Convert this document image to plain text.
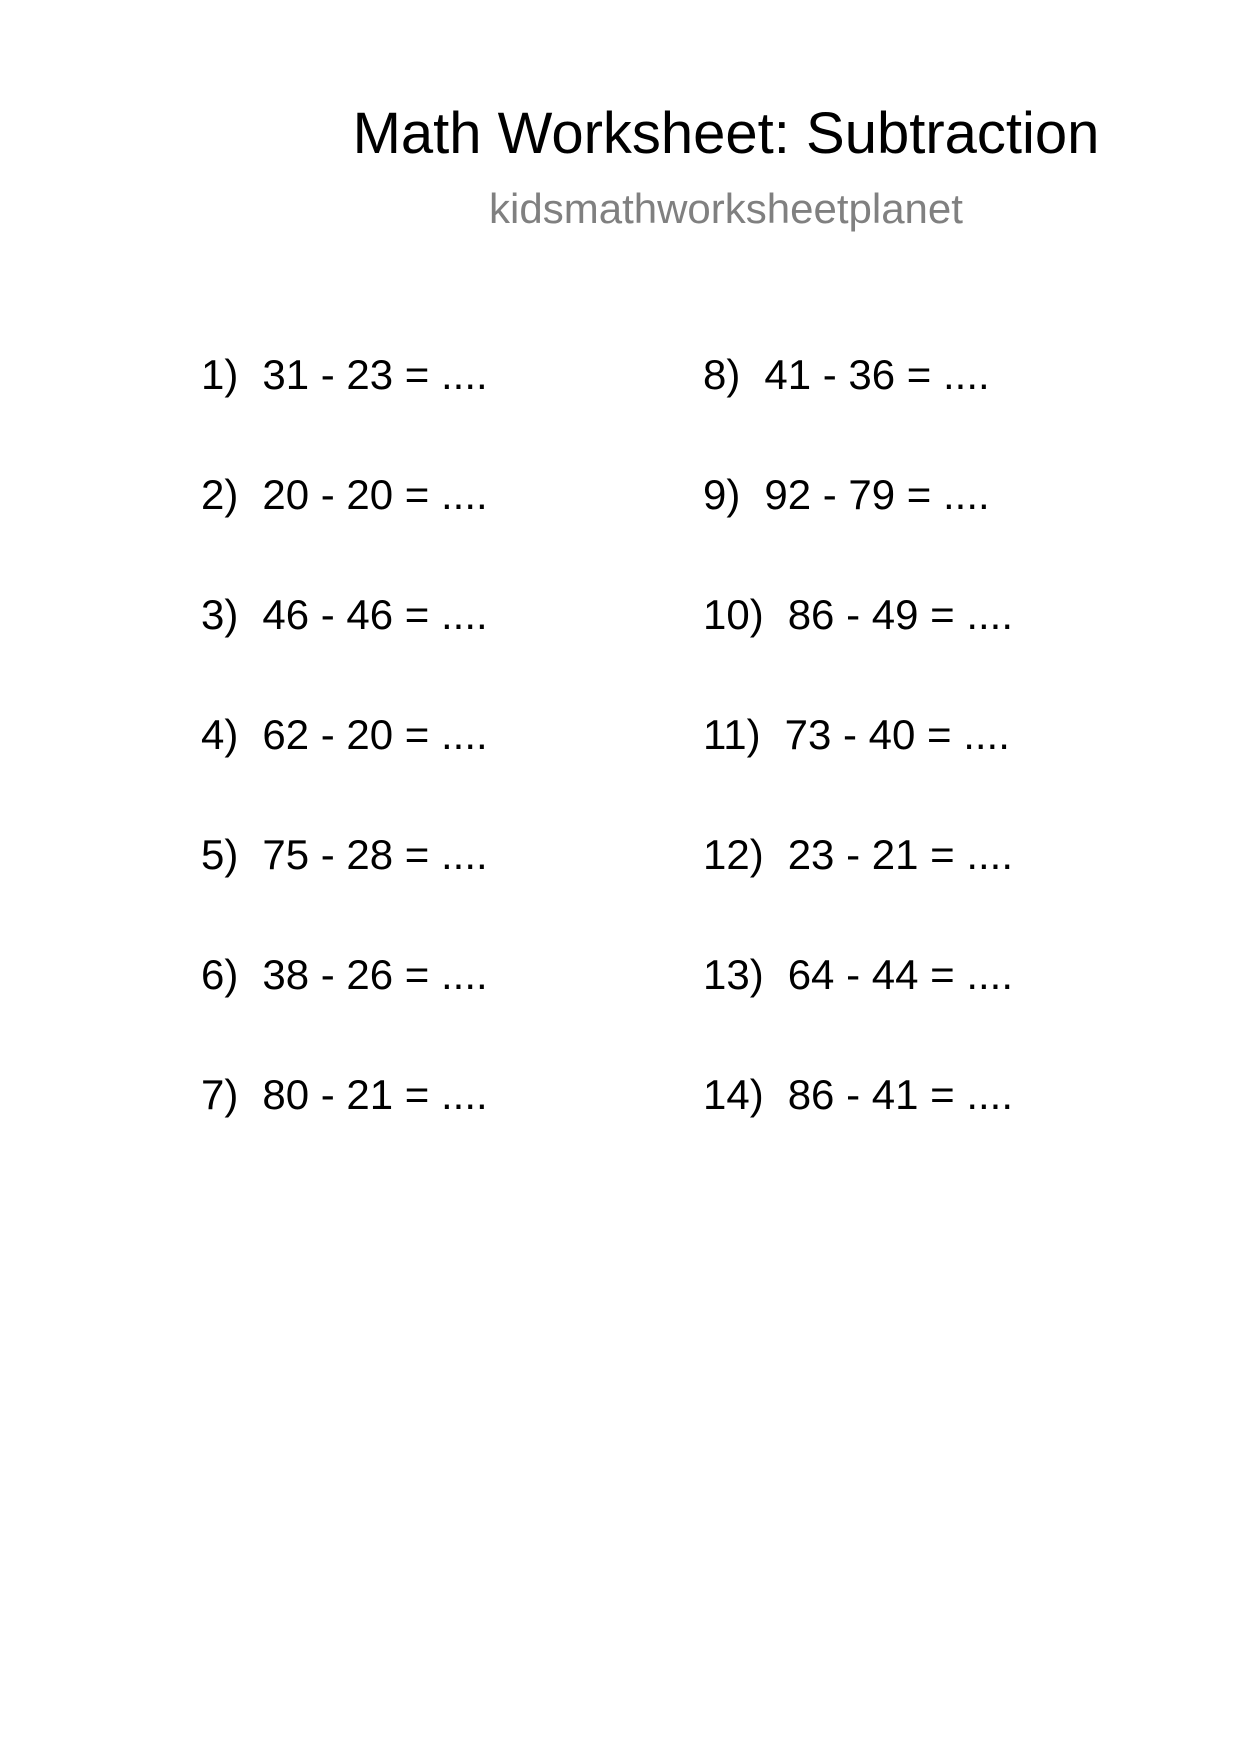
Math Worksheet: Subtraction
kidsmathworksheetplanet
1) 31 - 23 = ....
2) 20 - 20 = ....
3) 46 - 46 = ....
4) 62 - 20 = ....
5) 75 - 28 = ....
6) 38 - 26 = ....
7) 80 - 21 = ....
8) 41 - 36 = ....
9) 92 - 79 = ....
10) 86 - 49 = ....
11) 73 - 40 = ....
12) 23 - 21 = ....
13) 64 - 44 = ....
14) 86 - 41 = ....
